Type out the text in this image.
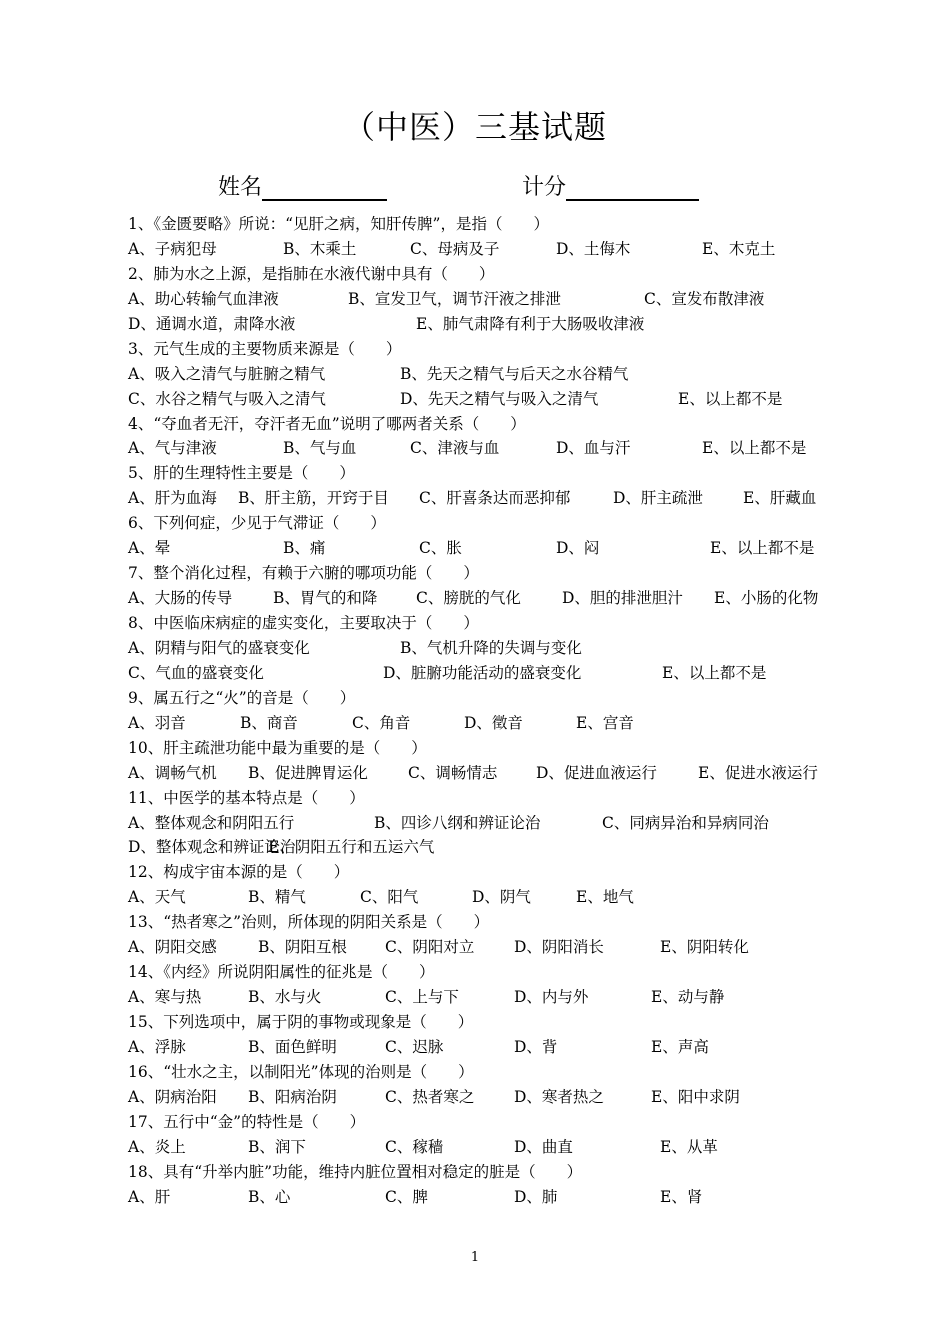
（中医）三基试题
姓名	计分
1、《金匮要略》所说：“见肝之病，知肝传脾”，是指（　　）
A、子病犯母	B、木乘土	C、母病及子	D、土侮木	E、木克土
2、肺为水之上源，是指肺在水液代谢中具有（　　）
A、助心转输气血津液	B、宣发卫气，调节汗液之排泄	C、宣发布散津液
D、通调水道，肃降水液	E、肺气肃降有利于大肠吸收津液
3、元气生成的主要物质来源是（　　）
A、吸入之清气与脏腑之精气	B、先天之精气与后天之水谷精气
C、水谷之精气与吸入之清气	D、先天之精气与吸入之清气	E、以上都不是
4、“夺血者无汗，夺汗者无血”说明了哪两者关系（　　）
A、气与津液	B、气与血	C、津液与血	D、血与汗	E、以上都不是
5、肝的生理特性主要是（　　）
A、肝为血海 B、肝主筋，开窍于目 C、肝喜条达而恶抑郁	D、肝主疏泄	E、肝藏血
6、下列何症，少见于气滞证（　　）
A、晕	B、痛	C、胀	D、闷	E、以上都不是
7、整个消化过程，有赖于六腑的哪项功能（　　）
A、大肠的传导	B、胃气的和降 C、膀胱的气化	D、胆的排泄胆汁 E、小肠的化物
8、中医临床病症的虚实变化，主要取决于（　　）
A、阴精与阳气的盛衰变化	B、气机升降的失调与变化
C、气血的盛衰变化	D、脏腑功能活动的盛衰变化	E、以上都不是
9、属五行之“火”的音是（　　）
A、羽音	B、商音	C、角音	D、徵音	E、宫音
10、肝主疏泄功能中最为重要的是（　　）
A、调畅气机 B、促进脾胃运化	C、调畅情志 D、促进血液运行	E、促进水液运行
11、中医学的基本特点是（　　）
A、整体观念和阴阳五行	B、四诊八纲和辨证论治	C、同病异治和异病同治
D、整体观念和辨证论治
E、阴阳五行和五运六气
12、构成宇宙本源的是（　　）
A、天气	B、精气	C、阳气	D、阴气	E、地气
13、“热者寒之”治则，所体现的阴阳关系是（　　）
A、阴阳交感	B、阴阳互根 C、阴阳对立	D、阴阳消长	E、阴阳转化
14、《内经》所说阴阳属性的征兆是（　　）
A、寒与热	B、水与火	C、上与下	D、内与外	E、动与静
15、下列选项中，属于阴的事物或现象是（　　）
A、浮脉	B、面色鲜明	C、迟脉	D、背	E、声高
16、“壮水之主，以制阳光”体现的治则是（　　）
A、阴病治阳 B、阳病治阴	C、热者寒之	D、寒者热之	E、阳中求阴
17、五行中“金”的特性是（　　）
A、炎上	B、润下	C、稼穑	D、曲直	E、从革
18、具有“升举内脏”功能，维持内脏位置相对稳定的脏是（　　）
A、肝	B、心	C、脾	D、肺	E、肾
1
